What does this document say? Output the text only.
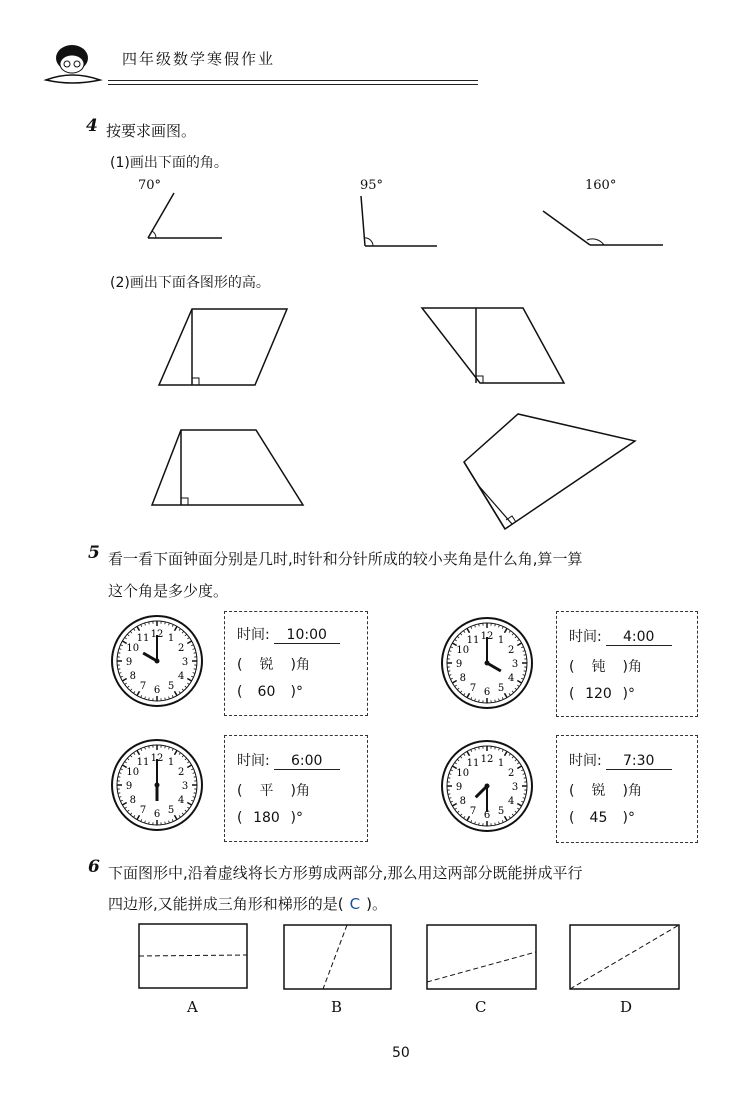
四年级数学寒假作业
4 按要求画图。
(1)画出下面的角。
70°	95°	160°
(2)画出下面各图形的高。
5 看一看下面钟面分别是几时,时针和分针所成的较小夹角是什么角,算一算
这个角是多少度。
12 1
2
3
4
5
6
7
8
9
10
11	时间: 10:00
( 锐 )角
( 60 )°
12 1
2
3
4
5
6
7
8
9
10
11	时间: 4:00
( 钝 )角
( 120 )°
12 1
2
3
4
5
6
7
8
9
10
11	时间: 6:00
( 平 )角
( 180 )°
12 1
2
3
4
5
6
7
8
9
10
11	时间: 7:30
( 锐 )角
( 45 )°
6 下面图形中,沿着虚线将长方形剪成两部分,那么用这两部分既能拼成平行
四边形,又能拼成三角形和梯形的是( C )。
A	B	C	D
50
